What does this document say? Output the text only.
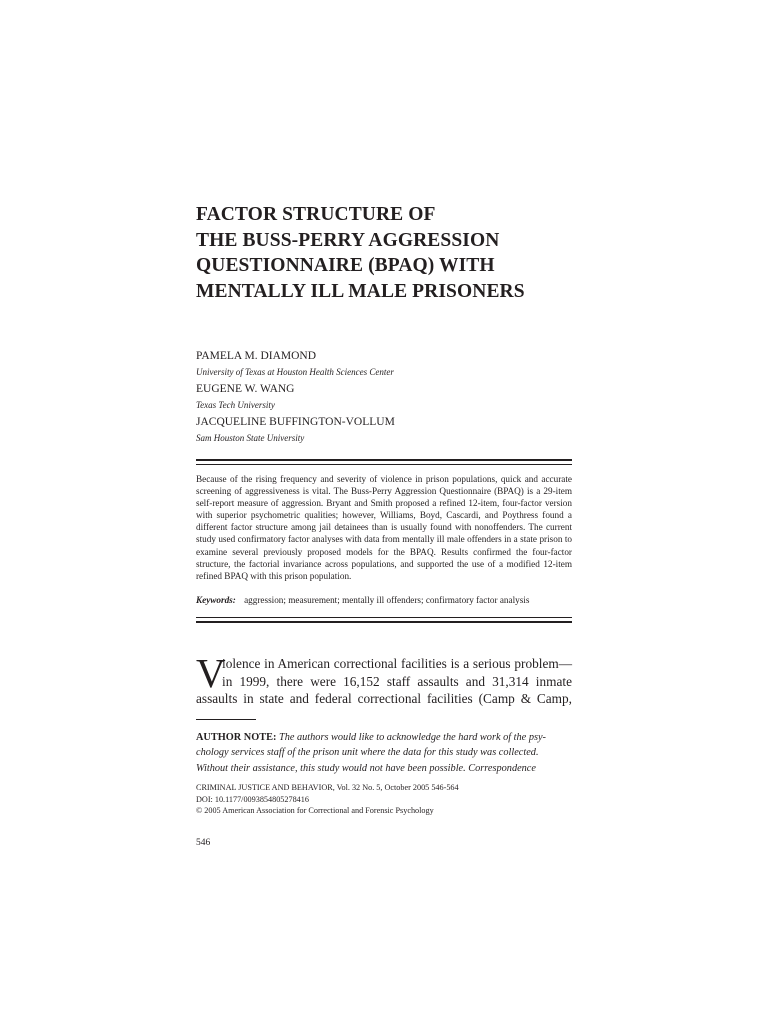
FACTOR STRUCTURE OF
THE BUSS-PERRY AGGRESSION
QUESTIONNAIRE (BPAQ) WITH
MENTALLY ILL MALE PRISONERS
PAMELA M. DIAMOND
University of Texas at Houston Health Sciences Center
EUGENE W. WANG
Texas Tech University
JACQUELINE BUFFINGTON-VOLLUM
Sam Houston State University

Because of the rising frequency and severity of violence in prison populations, quick and accurate screening of aggressiveness is vital. The Buss-Perry Aggression Questionnaire (BPAQ) is a 29-item self-report measure of aggression. Bryant and Smith proposed a refined 12-item, four-factor version with superior psychometric qualities; however, Williams, Boyd, Cascardi, and Poythress found a different factor structure among jail detainees than is usually found with nonoffenders. The current study used confirmatory factor analyses with data from mentally ill male offenders in a state prison to examine several previously proposed models for the BPAQ. Results confirmed the four-factor structure, the factorial invariance across populations, and supported the use of a modified 12-item refined BPAQ with this prison population.

Keywords: aggression; measurement; mentally ill offenders; confirmatory factor analysis
V
iolence in American correctional facilities is a serious problem—
in 1999, there were 16,152 staff assaults and 31,314 inmate
assaults in state and federal correctional facilities (Camp & Camp,
AUTHOR NOTE: The authors would like to acknowledge the hard work of the psy-
chology services staff of the prison unit where the data for this study was collected.
Without their assistance, this study would not have been possible. Correspondence
CRIMINAL JUSTICE AND BEHAVIOR, Vol. 32 No. 5, October 2005 546-564
DOI: 10.1177/0093854805278416
© 2005 American Association for Correctional and Forensic Psychology
546
